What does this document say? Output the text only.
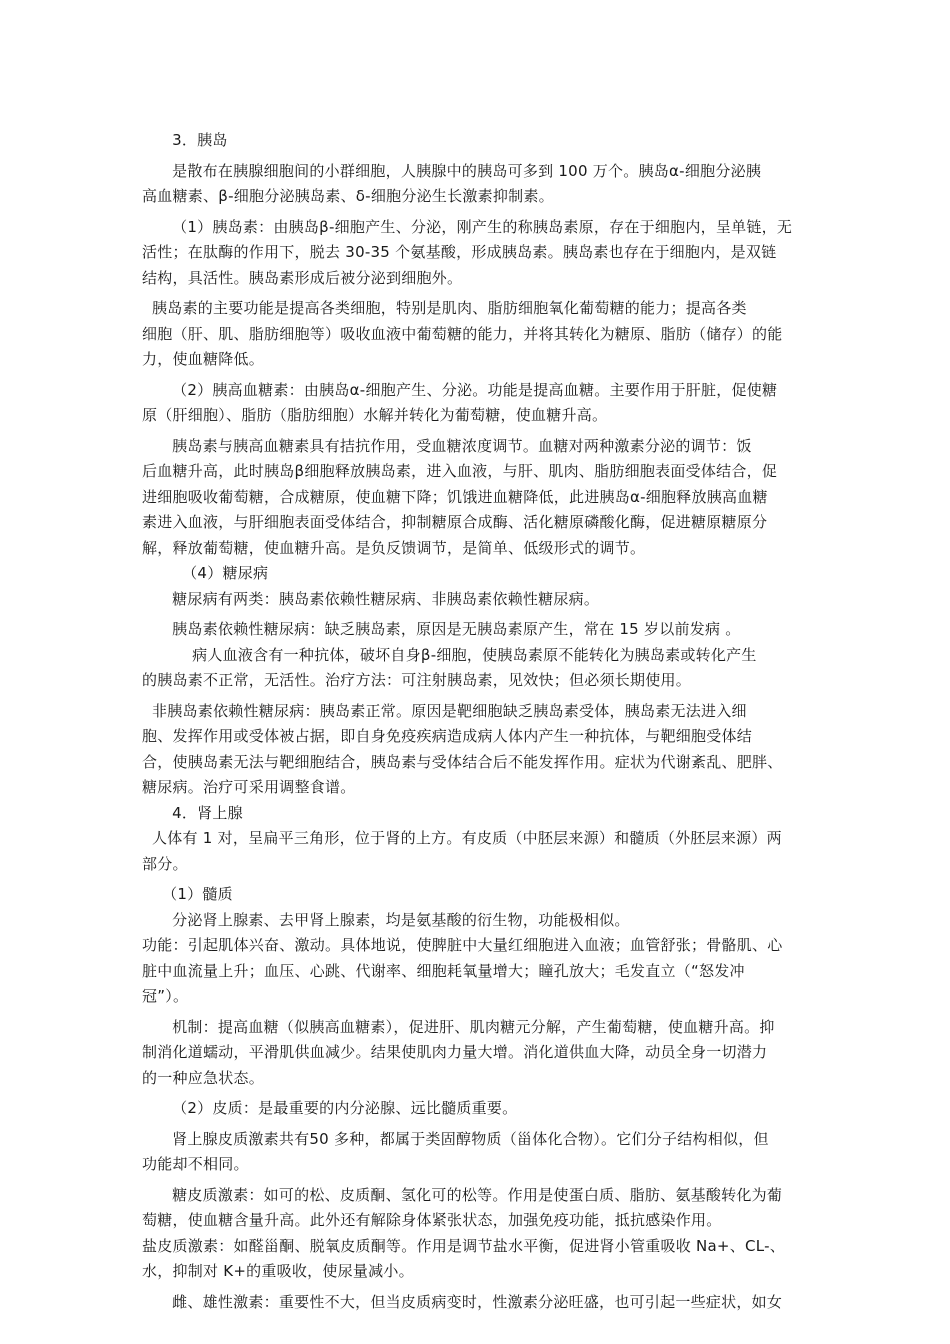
3．胰岛
是散布在胰腺细胞间的小群细胞，人胰腺中的胰岛可多到 100 万个。胰岛α-细胞分泌胰
高血糖素、β-细胞分泌胰岛素、δ-细胞分泌生长激素抑制素。
（1）胰岛素：由胰岛β-细胞产生、分泌，刚产生的称胰岛素原，存在于细胞内，呈单链，无
活性；在肽酶的作用下，脱去 30-35 个氨基酸，形成胰岛素。胰岛素也存在于细胞内，是双链
结构，具活性。胰岛素形成后被分泌到细胞外。
胰岛素的主要功能是提高各类细胞，特别是肌肉、脂肪细胞氧化葡萄糖的能力；提高各类
细胞（肝、肌、脂肪细胞等）吸收血液中葡萄糖的能力，并将其转化为糖原、脂肪（储存）的能
力，使血糖降低。
（2）胰高血糖素：由胰岛α-细胞产生、分泌。功能是提高血糖。主要作用于肝脏，促使糖
原（肝细胞）、脂肪（脂肪细胞）水解并转化为葡萄糖，使血糖升高。
胰岛素与胰高血糖素具有拮抗作用，受血糖浓度调节。血糖对两种激素分泌的调节：饭
后血糖升高，此时胰岛β细胞释放胰岛素，进入血液，与肝、肌肉、脂肪细胞表面受体结合，促
进细胞吸收葡萄糖，合成糖原，使血糖下降；饥饿进血糖降低，此进胰岛α-细胞释放胰高血糖
素进入血液，与肝细胞表面受体结合，抑制糖原合成酶、活化糖原磷酸化酶，促进糖原糖原分
解，释放葡萄糖，使血糖升高。是负反馈调节，是简单、低级形式的调节。
（4）糖尿病
糖尿病有两类：胰岛素依赖性糖尿病、非胰岛素依赖性糖尿病。
胰岛素依赖性糖尿病：缺乏胰岛素，原因是无胰岛素原产生，常在 15 岁以前发病 。
病人血液含有一种抗体，破坏自身β-细胞，使胰岛素原不能转化为胰岛素或转化产生
的胰岛素不正常，无活性。治疗方法：可注射胰岛素，见效快；但必须长期使用。
非胰岛素依赖性糖尿病：胰岛素正常。原因是靶细胞缺乏胰岛素受体，胰岛素无法进入细
胞、发挥作用或受体被占据，即自身免疫疾病造成病人体内产生一种抗体，与靶细胞受体结
合，使胰岛素无法与靶细胞结合，胰岛素与受体结合后不能发挥作用。症状为代谢紊乱、肥胖、
糖尿病。治疗可采用调整食谱。
4．肾上腺
人体有 1 对，呈扁平三角形，位于肾的上方。有皮质（中胚层来源）和髓质（外胚层来源）两
部分。
（1）髓质
分泌肾上腺素、去甲肾上腺素，均是氨基酸的衍生物，功能极相似。
功能：引起肌体兴奋、激动。具体地说，使脾脏中大量红细胞进入血液；血管舒张；骨骼肌、心
脏中血流量上升；血压、心跳、代谢率、细胞耗氧量增大；瞳孔放大；毛发直立（“怒发冲
冠”）。
机制：提高血糖（似胰高血糖素），促进肝、肌肉糖元分解，产生葡萄糖，使血糖升高。抑
制消化道蠕动，平滑肌供血减少。结果使肌肉力量大增。消化道供血大降，动员全身一切潜力
的一种应急状态。
（2）皮质：是最重要的内分泌腺、远比髓质重要。
肾上腺皮质激素共有50 多种，都属于类固醇物质（甾体化合物）。它们分子结构相似，但
功能却不相同。
糖皮质激素：如可的松、皮质酮、氢化可的松等。作用是使蛋白质、脂肪、氨基酸转化为葡
萄糖，使血糖含量升高。此外还有解除身体紧张状态，加强免疫功能，抵抗感染作用。
盐皮质激素：如醛甾酮、脱氧皮质酮等。作用是调节盐水平衡，促进肾小管重吸收 Na+、CL-、
水，抑制对 K+的重吸收，使尿量减小。
雌、雄性激素：重要性不大，但当皮质病变时，性激素分泌旺盛，也可引起一些症状，如女
